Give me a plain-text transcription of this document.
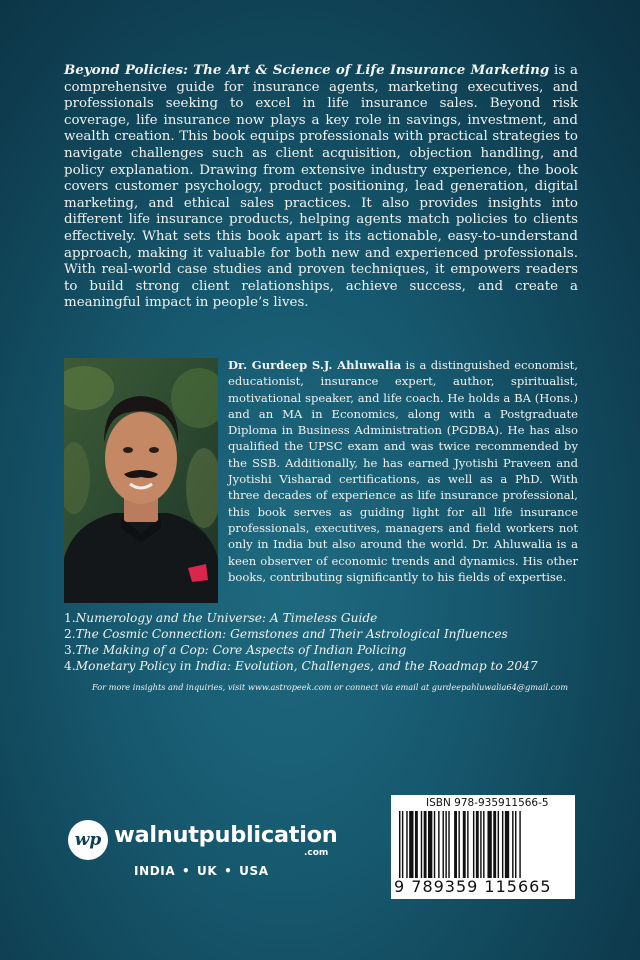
Beyond Policies: The Art & Science of Life Insurance Marketing is a comprehensive guide for insurance agents, marketing executives, and professionals seeking to excel in life insurance sales. Beyond risk coverage, life insurance now plays a key role in savings, investment, and wealth creation. This book equips professionals with practical strategies to navigate challenges such as client acquisition, objection handling, and policy explanation. Drawing from extensive industry experience, the book covers customer psychology, product positioning, lead generation, digital marketing, and ethical sales practices. It also provides insights into different life insurance products, helping agents match policies to clients effectively. What sets this book apart is its actionable, easy-to-understand approach, making it valuable for both new and experienced professionals. With real-world case studies and proven techniques, it empowers readers to build strong client relationships, achieve success, and create a meaningful impact in people’s lives.

Dr. Gurdeep S.J. Ahluwalia is a distinguished economist, educationist, insurance expert, author, spiritualist, motivational speaker, and life coach. He holds a BA (Hons.) and an MA in Economics, along with a Postgraduate Diploma in Business Administration (PGDBA). He has also qualified the UPSC exam and was twice recommended by the SSB. Additionally, he has earned Jyotishi Praveen and Jyotishi Visharad certifications, as well as a PhD. With three decades of experience as life insurance professional, this book serves as guiding light for all life insurance professionals, executives, managers and field workers not only in India but also around the world. Dr. Ahluwalia is a keen observer of economic trends and dynamics. His other books, contributing significantly to his fields of expertise.

1.Numerology and the Universe: A Timeless Guide
2.The Cosmic Connection: Gemstones and Their Astrological Influences
3.The Making of a Cop: Core Aspects of Indian Policing
4.Monetary Policy in India: Evolution, Challenges, and the Roadmap to 2047
For more insights and inquiries, visit www.astropeek.com or connect via email at gurdeepahluwalia64@gmail.com
wp walnutpublication
.com
INDIA • UK • USA
ISBN 978-935911566-5
9 789359 115665
